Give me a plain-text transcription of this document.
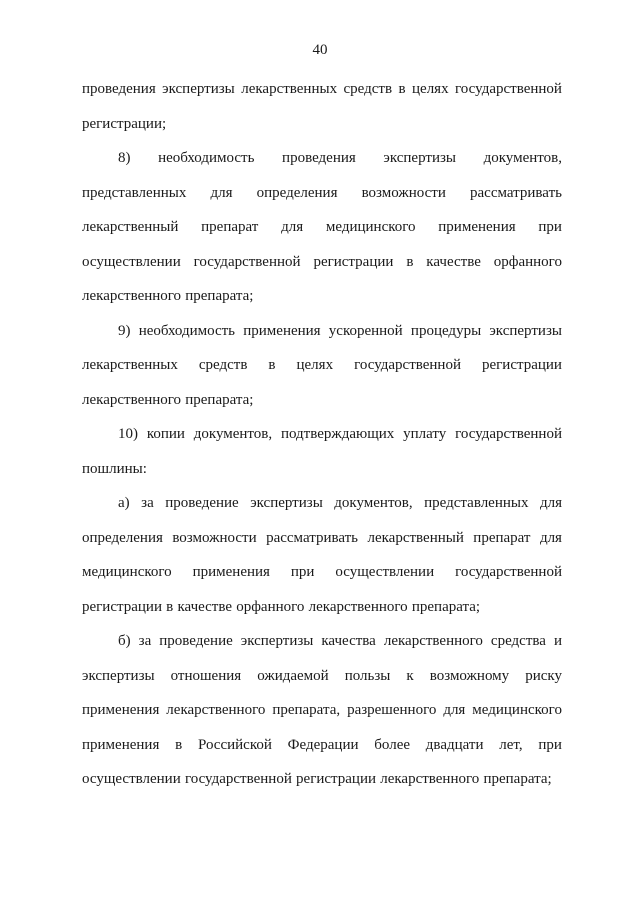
40
проведения экспертизы лекарственных средств в целях государственной
регистрации;
8) необходимость проведения экспертизы документов,
представленных для определения возможности рассматривать
лекарственный препарат для медицинского применения при
осуществлении государственной регистрации в качестве орфанного
лекарственного препарата;
9) необходимость применения ускоренной процедуры экспертизы
лекарственных средств в целях государственной регистрации
лекарственного препарата;
10) копии документов, подтверждающих уплату государственной
пошлины:
а) за проведение экспертизы документов, представленных для
определения возможности рассматривать лекарственный препарат для
медицинского применения при осуществлении государственной
регистрации в качестве орфанного лекарственного препарата;
б) за проведение экспертизы качества лекарственного средства и
экспертизы отношения ожидаемой пользы к возможному риску
применения лекарственного препарата, разрешенного для медицинского
применения в Российской Федерации более двадцати лет, при
осуществлении государственной регистрации лекарственного препарата;
